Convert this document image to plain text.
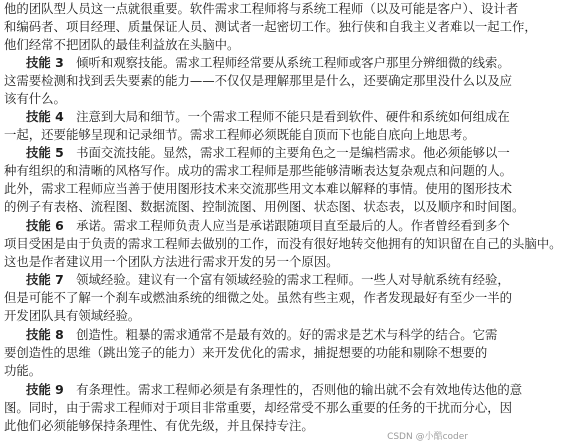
他的团队型人员这一点就很重要。软件需求工程师将与系统工程师（以及可能是客户）、设计者
和编码者、项目经理、质量保证人员、测试者一起密切工作。独行侠和自我主义者难以一起工作，
他们经常不把团队的最佳利益放在头脑中。
技能 3　倾听和观察技能。需求工程师经常要从系统工程师或客户那里分辨细微的线索。
这需要检测和找到丢失要素的能力——不仅仅是理解那里是什么，还要确定那里没什么以及应
该有什么。
技能 4　注意到大局和细节。一个需求工程师不能只是看到软件、硬件和系统如何组成在
一起，还要能够呈现和记录细节。需求工程师必须既能自顶而下也能自底向上地思考。
技能 5　书面交流技能。显然，需求工程师的主要角色之一是编档需求。他必须能够以一
种有组织的和清晰的风格写作。成功的需求工程师是那些能够清晰表达复杂观点和问题的人。
此外，需求工程师应当善于使用图形技术来交流那些用文本难以解释的事情。使用的图形技术
的例子有表格、流程图、数据流图、控制流图、用例图、状态图、状态表，以及顺序和时间图。
技能 6　承诺。需求工程师负责人应当是承诺跟随项目直至最后的人。作者曾经看到多个
项目受困是由于负责的需求工程师去做别的工作，而没有很好地转交他拥有的知识留在自己的头脑中。
这也是作者建议用一个团队方法进行需求开发的另一个原因。
技能 7　领域经验。建议有一个富有领域经验的需求工程师。一些人对导航系统有经验，
但是可能不了解一个刹车或燃油系统的细微之处。虽然有些主观，作者发现最好有至少一半的
开发团队具有领域经验。
技能 8　创造性。粗暴的需求通常不是最有效的。好的需求是艺术与科学的结合。它需
要创造性的思维（跳出笼子的能力）来开发优化的需求，捕捉想要的功能和剔除不想要的
功能。
技能 9　有条理性。需求工程师必须是有条理性的，否则他的输出就不会有效地传达他的意
图。同时，由于需求工程师对于项目非常重要，却经常受不那么重要的任务的干扰而分心，因
此他们必须能够保持条理性、有优先级，并且保持专注。
CSDN @小酷coder
